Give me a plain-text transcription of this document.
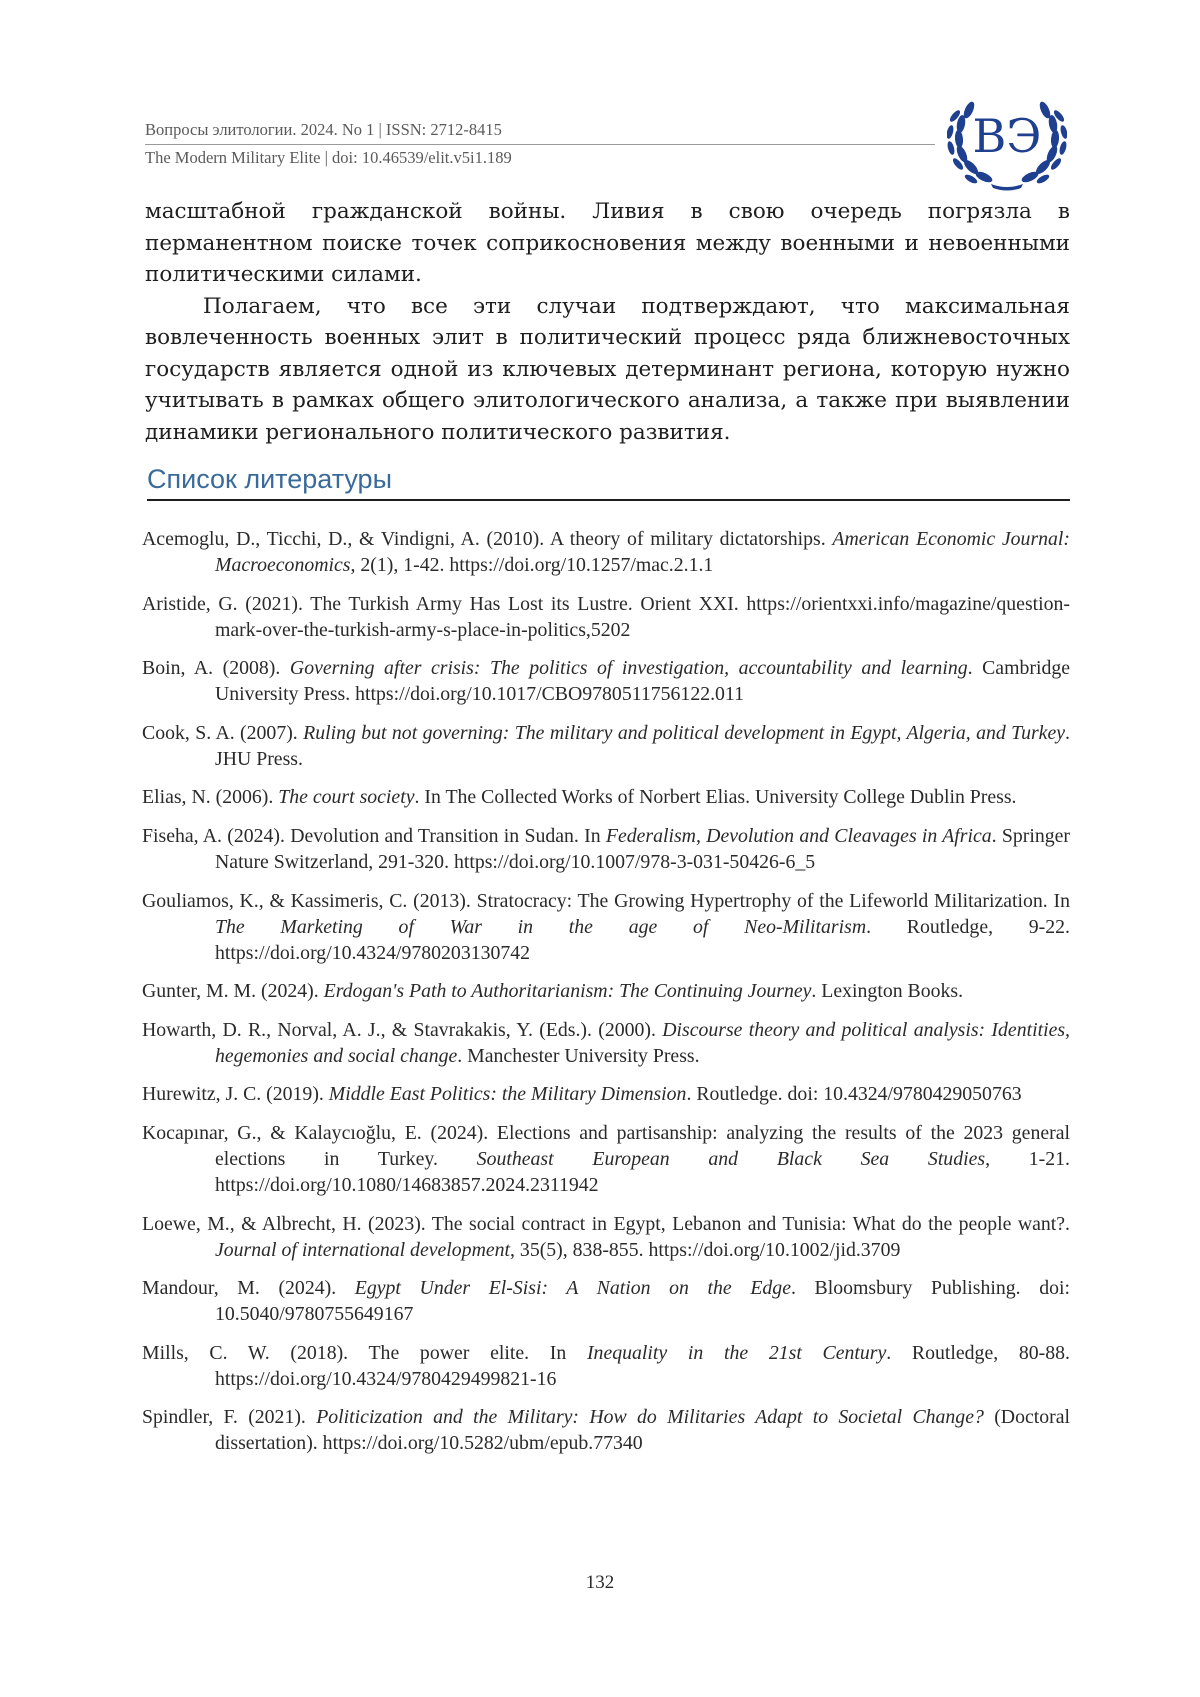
Вопросы элитологии. 2024. No 1 | ISSN: 2712-8415
The Modern Military Elite | doi: 10.46539/elit.v5i1.189	ВЭ

масштабной гражданской войны. Ливия в свою очередь погрязла в перманентном поиске точек соприкосновения между военными и невоенными политическими силами.

Полагаем, что все эти случаи подтверждают, что максимальная вовлеченность военных элит в политический процесс ряда ближневосточных государств является одной из ключевых детерминант региона, которую нужно учитывать в рамках общего элитологического анализа, а также при выявлении динамики регионального политического развития.

Список литературы
Acemoglu, D., Ticchi, D., & Vindigni, A. (2010). A theory of military dictatorships. American Economic Journal: Macroeconomics, 2(1), 1-42. https://doi.org/10.1257/mac.2.1.1
Aristide, G. (2021). The Turkish Army Has Lost its Lustre. Orient XXI. https://orientxxi.info/magazine/question-mark-over-the-turkish-army-s-place-in-politics,5202
Boin, A. (2008). Governing after crisis: The politics of investigation, accountability and learning. Cambridge University Press. https://doi.org/10.1017/CBO9780511756122.011
Cook, S. A. (2007). Ruling but not governing: The military and political development in Egypt, Algeria, and Turkey. JHU Press.
Elias, N. (2006). The court society. In The Collected Works of Norbert Elias. University College Dublin Press.
Fiseha, A. (2024). Devolution and Transition in Sudan. In Federalism, Devolution and Cleavages in Africa. Springer Nature Switzerland, 291-320. https://doi.org/10.1007/978-3-031-50426-6_5
Gouliamos, K., & Kassimeris, C. (2013). Stratocracy: The Growing Hypertrophy of the Lifeworld Militarization. In The Marketing of War in the age of Neo-Militarism. Routledge, 9-22. https://doi.org/10.4324/9780203130742
Gunter, M. M. (2024). Erdogan's Path to Authoritarianism: The Continuing Journey. Lexington Books.
Howarth, D. R., Norval, A. J., & Stavrakakis, Y. (Eds.). (2000). Discourse theory and political analysis: Identities, hegemonies and social change. Manchester University Press.
Hurewitz, J. C. (2019). Middle East Politics: the Military Dimension. Routledge. doi: 10.4324/9780429050763
Kocapınar, G., & Kalaycıoğlu, E. (2024). Elections and partisanship: analyzing the results of the 2023 general elections in Turkey. Southeast European and Black Sea Studies, 1-21. https://doi.org/10.1080/14683857.2024.2311942
Loewe, M., & Albrecht, H. (2023). The social contract in Egypt, Lebanon and Tunisia: What do the people want?. Journal of international development, 35(5), 838-855. https://doi.org/10.1002/jid.3709
Mandour, M. (2024). Egypt Under El-Sisi: A Nation on the Edge. Bloomsbury Publishing. doi: 10.5040/9780755649167
Mills, C. W. (2018). The power elite. In Inequality in the 21st Century. Routledge, 80-88. https://doi.org/10.4324/9780429499821-16
Spindler, F. (2021). Politicization and the Military: How do Militaries Adapt to Societal Change? (Doctoral dissertation). https://doi.org/10.5282/ubm/epub.77340
132
